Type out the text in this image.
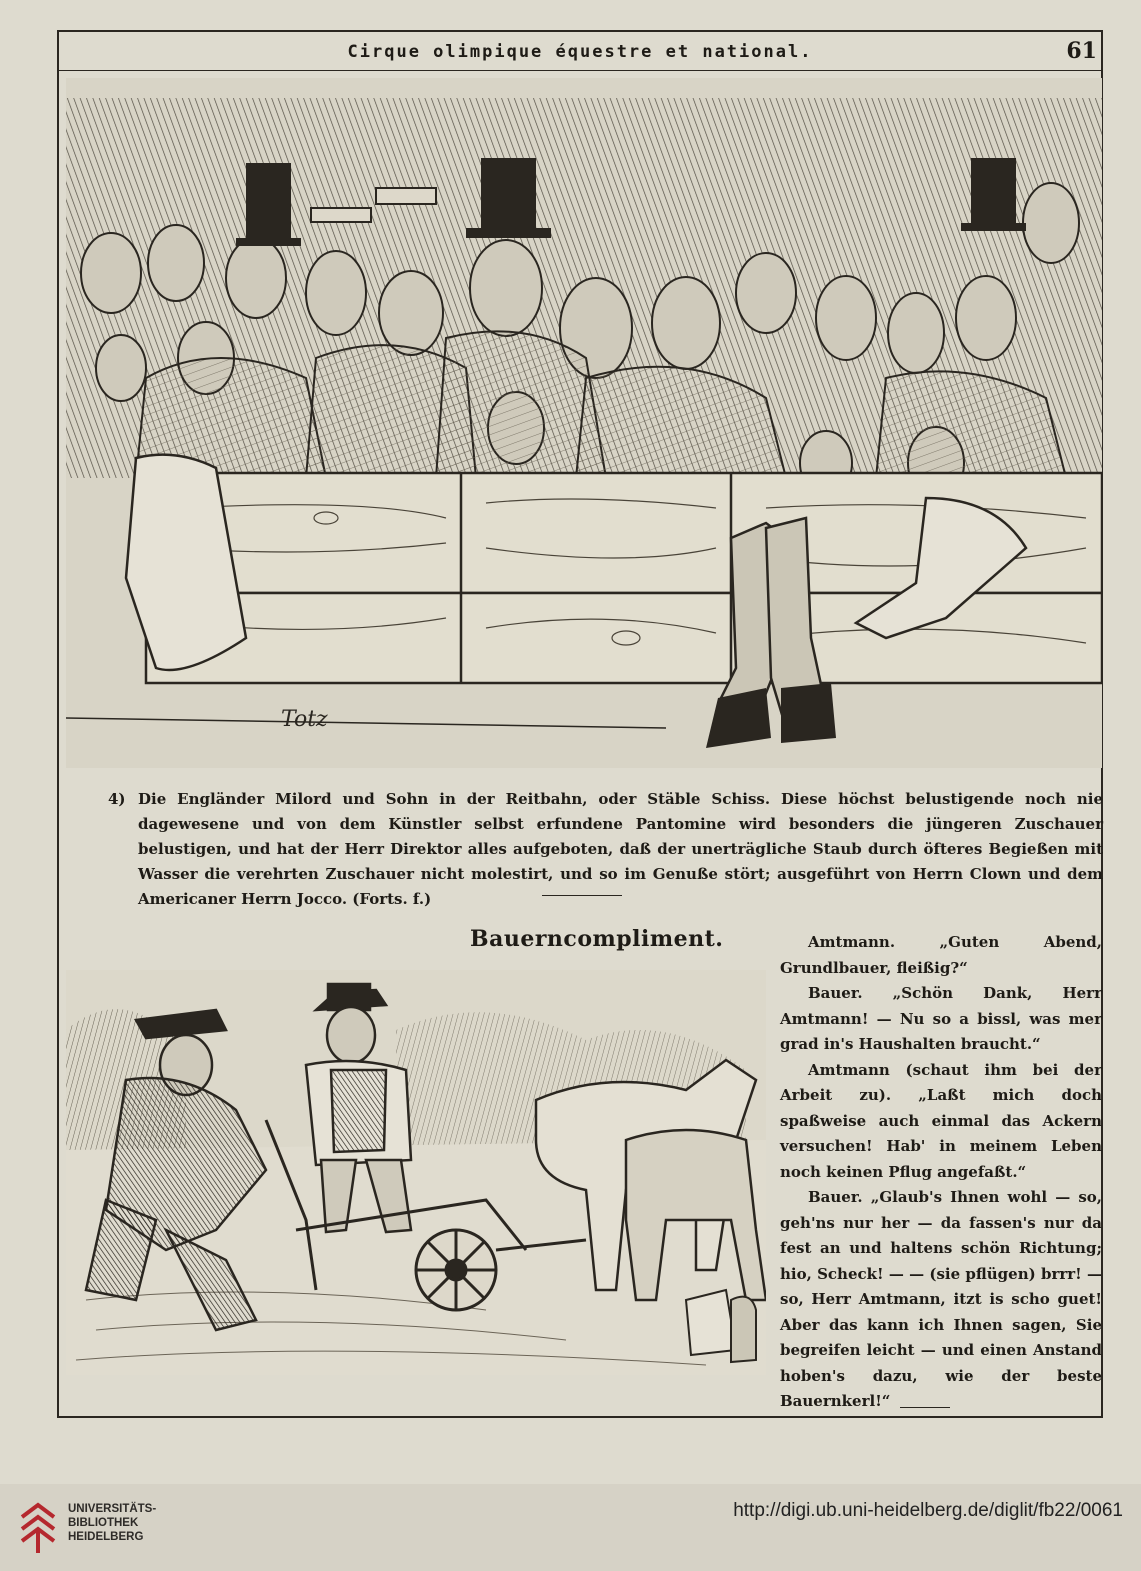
Cirque olimpique équestre et national.	61
Totz
4) Die Engländer Milord und Sohn in der Reitbahn, oder Stäble Schiss. Diese höchst belustigende noch nie dagewesene und von dem Künstler selbst erfundene Pantomine wird besonders die jüngeren Zuschauer belustigen, und hat der Herr Direktor alles aufgeboten, daß der unerträgliche Staub durch öfteres Begießen mit Wasser die verehrten Zuschauer nicht molestirt, und so im Genuße stört; ausgeführt von Herrn Clown und dem Americaner Herrn Jocco. (Forts. f.)
Bauerncompliment.	Amtmann. „Guten Abend, Grundlbauer, fleißig?“

Bauer. „Schön Dank, Herr Amtmann! — Nu so a bissl, was mer grad in's Haushalten braucht.“

Amtmann (schaut ihm bei der Arbeit zu). „Laßt mich doch spaßweise auch einmal das Ackern versuchen! Hab' in meinem Leben noch keinen Pflug angefaßt.“

Bauer. „Glaub's Ihnen wohl — so, geh'ns nur her — da fassen's nur da fest an und haltens schön Richtung; hio, Scheck! — — (sie pflügen) brrr! — so, Herr Amtmann, itzt is scho guet! Aber das kann ich Ihnen sagen, Sie begreifen leicht — und einen Anstand hoben's dazu, wie der beste Bauernkerl!“

UNIVERSITÄTS-
BIBLIOTHEK
HEIDELBERG
http://digi.ub.uni-heidelberg.de/diglit/fb22/0061
